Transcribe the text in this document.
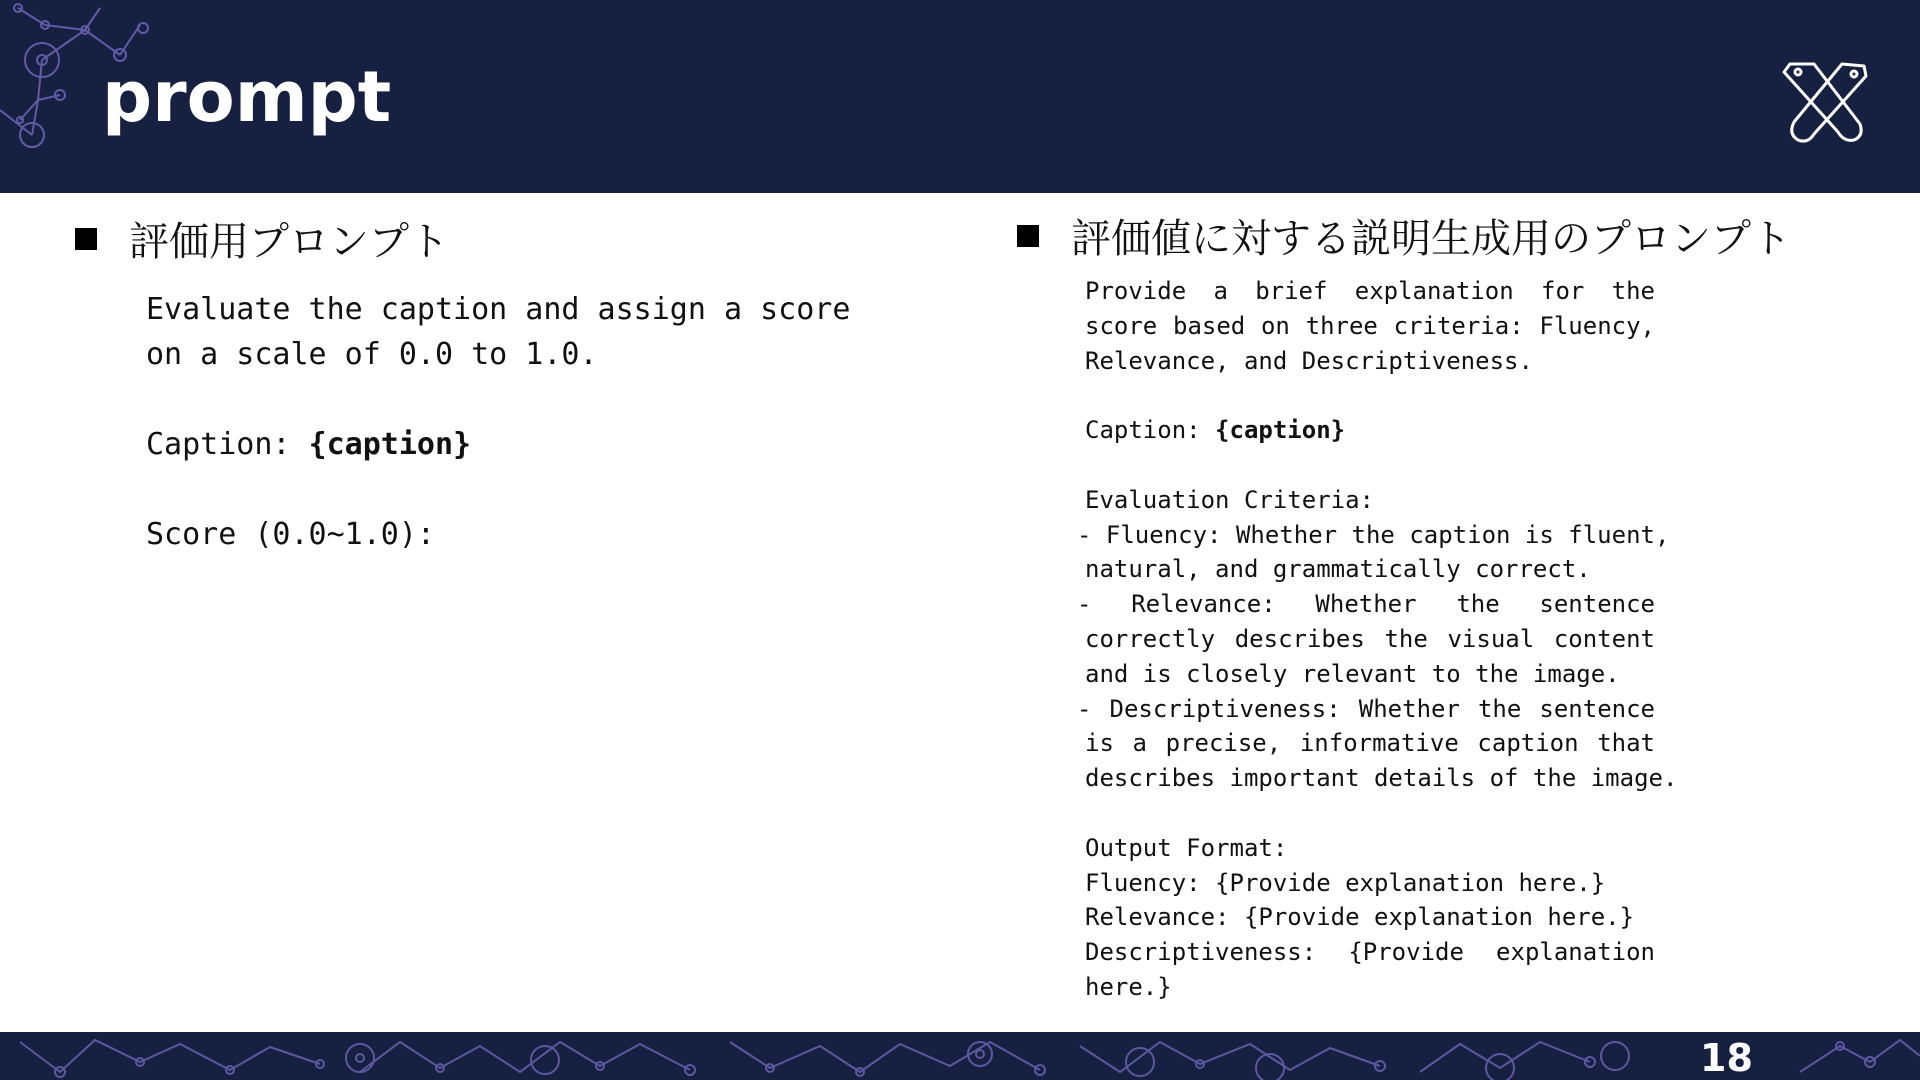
prompt
評価用プロンプト
Evaluate the caption and assign a score
on a scale of 0.0 to 1.0.
Caption: {caption}
Score (0.0~1.0):
評価値に対する説明生成用のプロンプト
Provide a brief explanation for the
score based on three criteria: Fluency,
Relevance, and Descriptiveness.
Caption: {caption}
Evaluation Criteria:
- Fluency: Whether the caption is fluent,
natural, and grammatically correct.
- Relevance: Whether the sentence
correctly describes the visual content
and is closely relevant to the image.
- Descriptiveness: Whether the sentence
is a precise, informative caption that
describes important details of the image.
Output Format:
Fluency: {Provide explanation here.}
Relevance: {Provide explanation here.}
Descriptiveness: {Provide explanation
here.}
18
